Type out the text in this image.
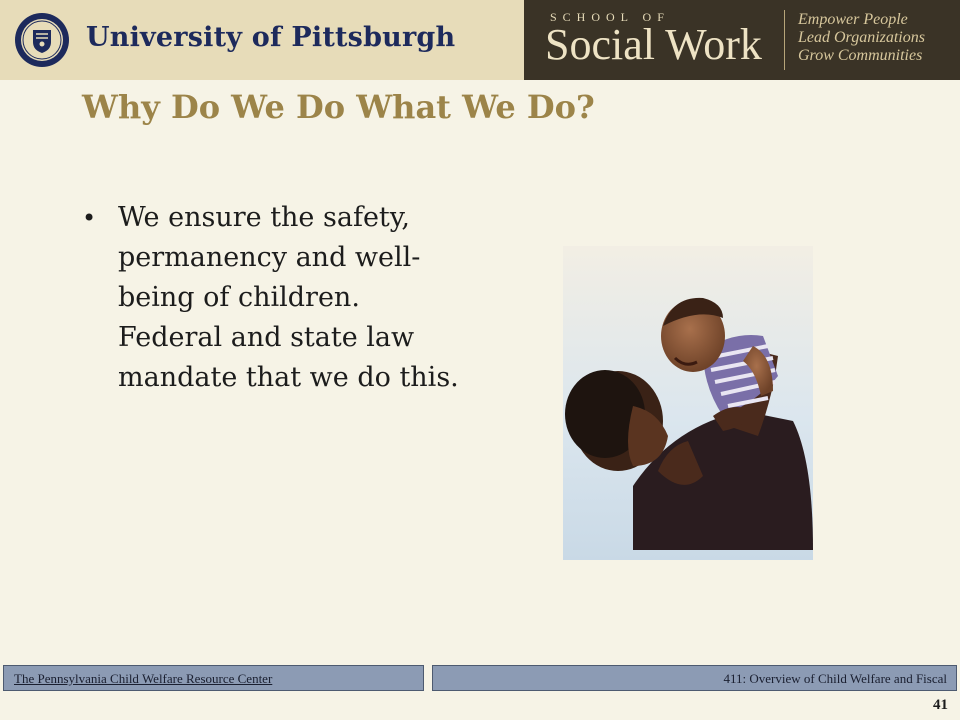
University of Pittsburgh
SCHOOL OF
Social Work
Empower People
Lead Organizations
Grow Communities
Why Do We Do What We Do?
• We ensure the safety, permanency and well-being of children. Federal and state law mandate that we do this.
The Pennsylvania Child Welfare Resource Center	411: Overview of Child Welfare and Fiscal
41
